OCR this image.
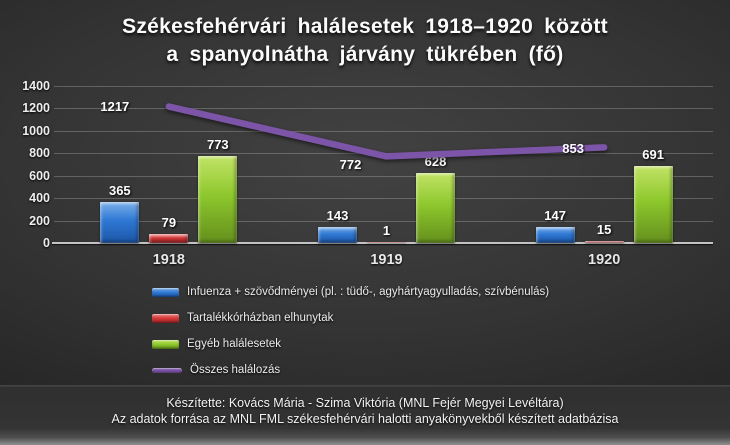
Székesfehérvári halálesetek 1918–1920 között
a spanyolnátha járvány tükrében (fő)
1400
1200
1000
800
600
400
200
0
1918	1919	1920
365
143	147
79	1	15
773
628	691
1217
772
853
Infuenza + szövődményei (pl. : tüdő-, agyhártyagyulladás, szívbénulás)
Tartalékkórházban elhunytak
Egyéb halálesetek
Összes halálozás
Készítette: Kovács Mária - Szima Viktória (MNL Fejér Megyei Levéltára)
Az adatok forrása az MNL FML székesfehérvári halotti anyakönyvekből készített adatbázisa
